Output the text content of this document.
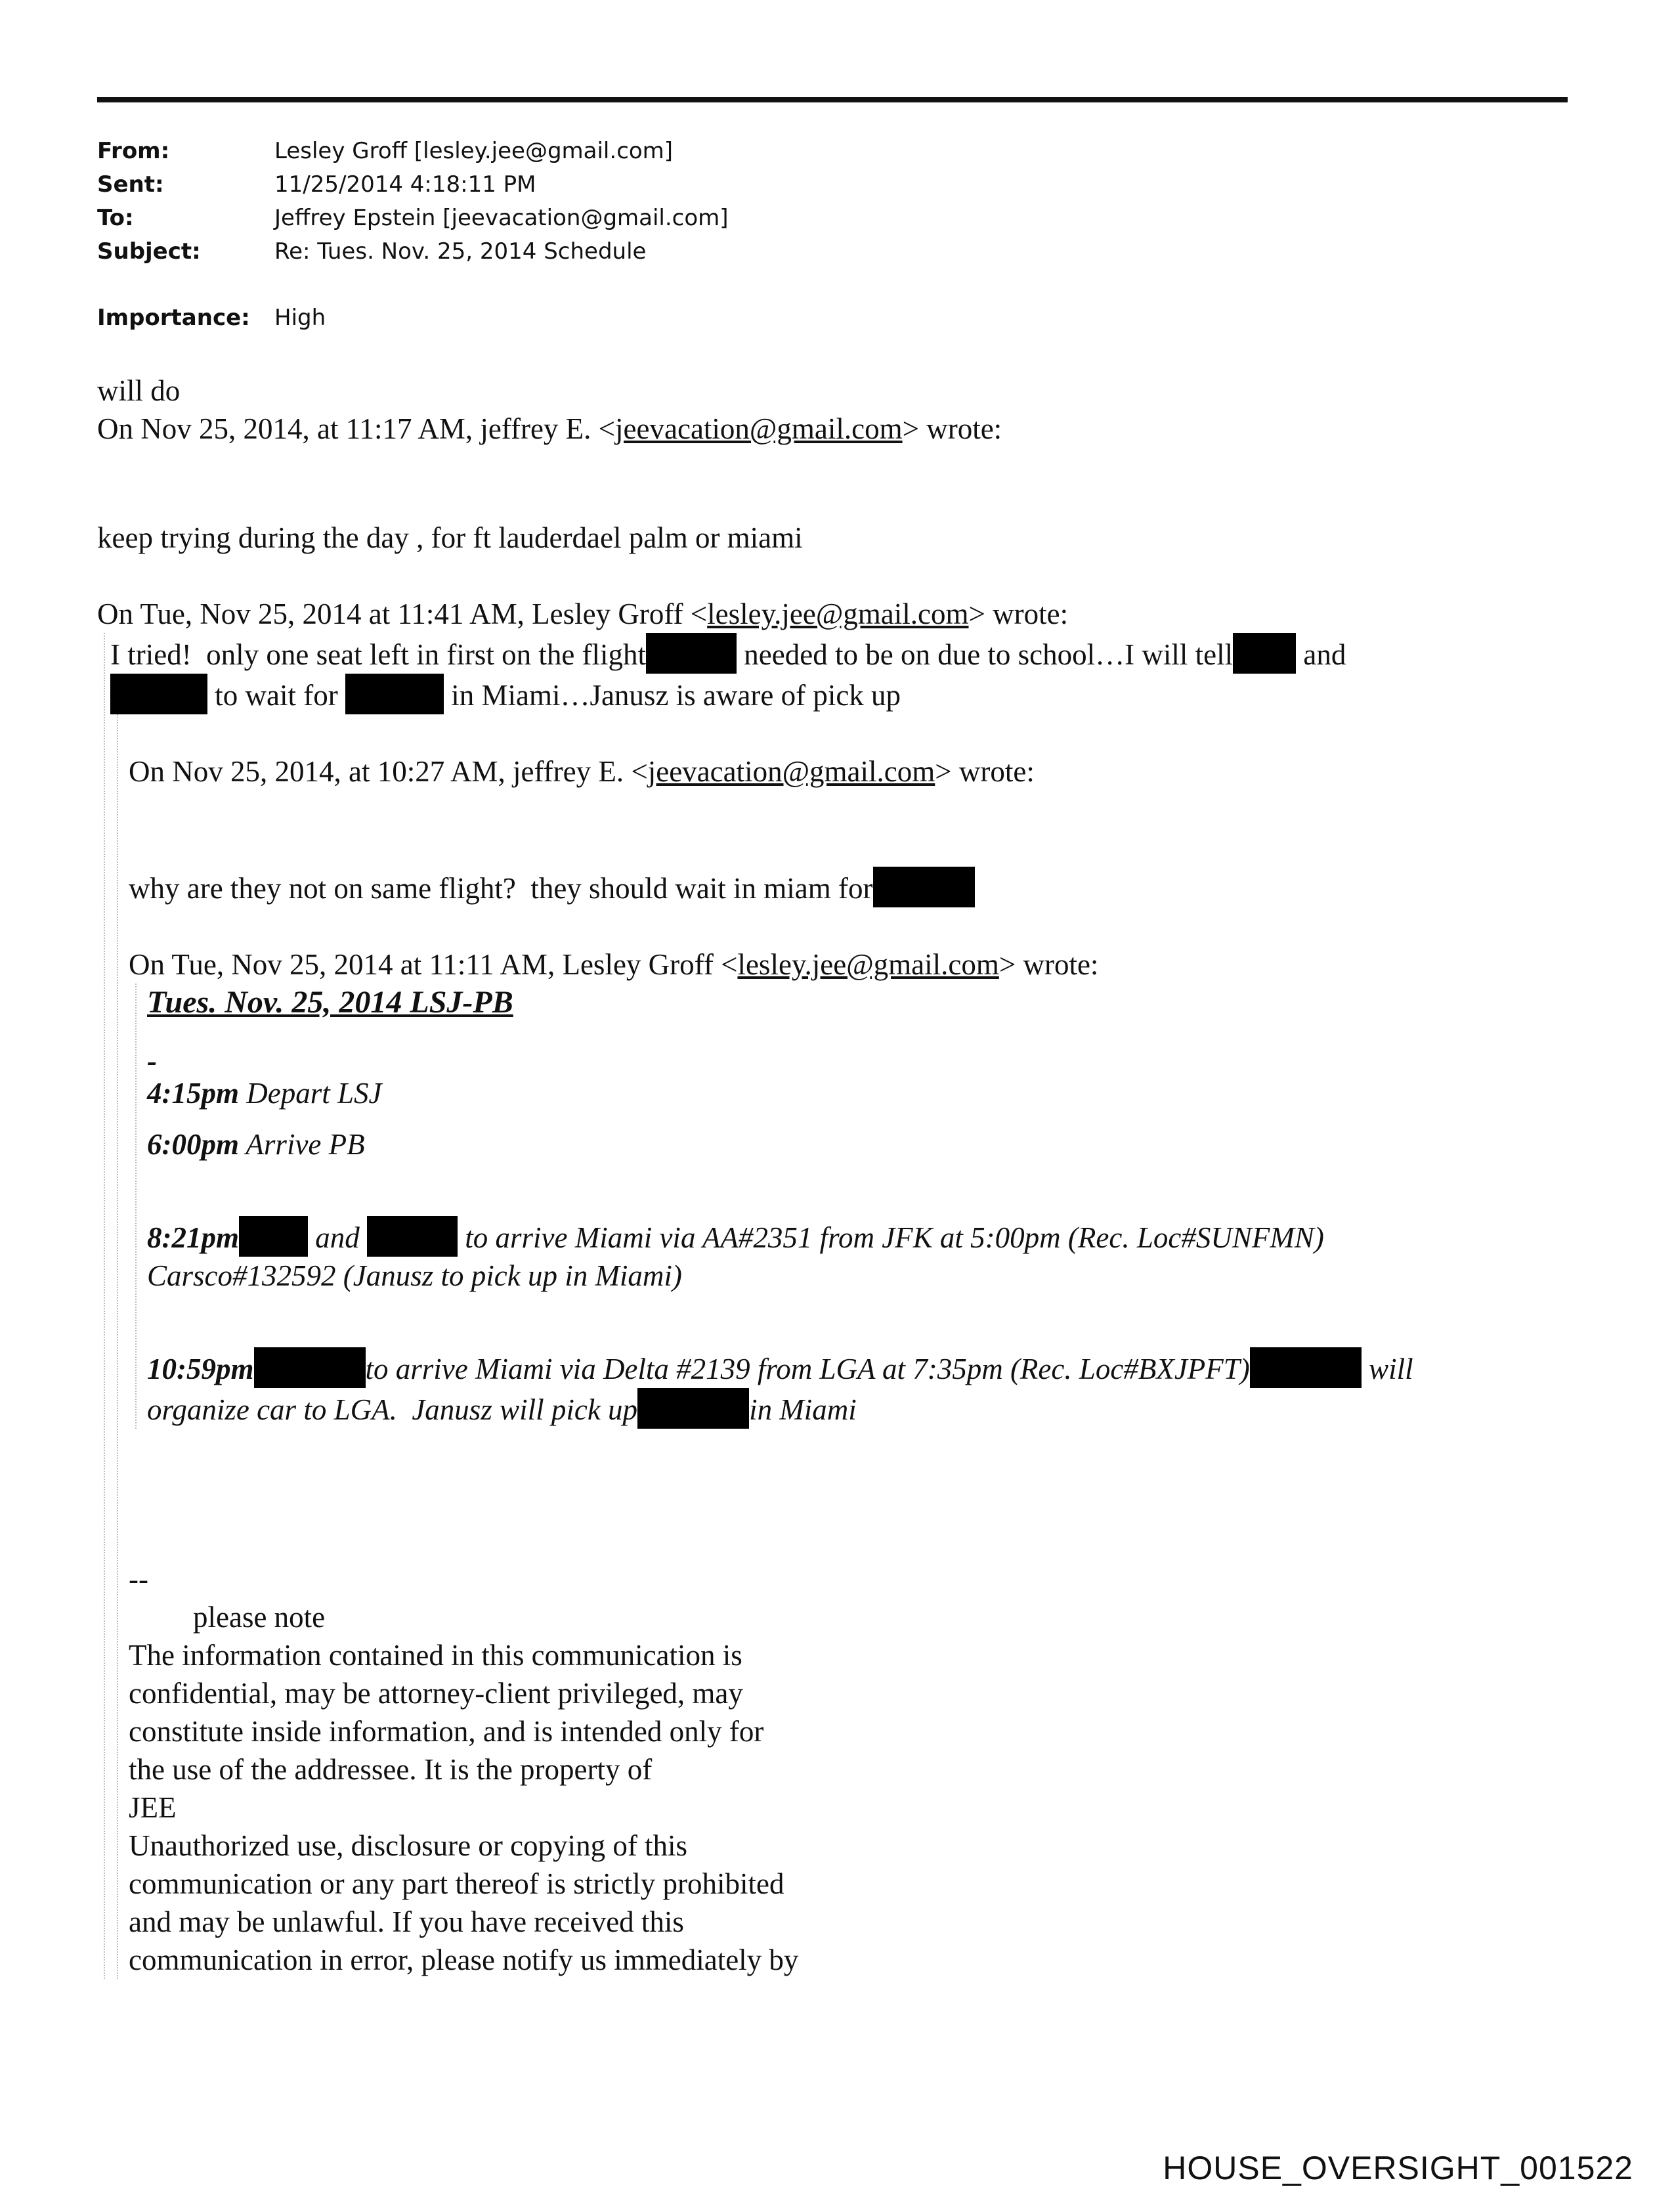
From:	Lesley Groff [lesley.jee@gmail.com]
Sent:	11/25/2014 4:18:11 PM
To:	Jeffrey Epstein [jeevacation@gmail.com]
Subject:	Re: Tues. Nov. 25, 2014 Schedule
Importance:	High

will do

On Nov 25, 2014, at 11:17 AM, jeffrey E. <jeevacation@gmail.com> wrote:

keep trying during the day , for ft lauderdael palm or miami

On Tue, Nov 25, 2014 at 11:41 AM, Lesley Groff <lesley.jee@gmail.com> wrote:

I tried!  only one seat left in first on the flight	needed to be on due to school…I will tell and

to wait for	in Miami…Janusz is aware of pick up

On Nov 25, 2014, at 10:27 AM, jeffrey E. <jeevacation@gmail.com> wrote:

why are they not on same flight?  they should wait in miam for

On Tue, Nov 25, 2014 at 11:11 AM, Lesley Groff <lesley.jee@gmail.com> wrote:

Tues. Nov. 25, 2014 LSJ-PB

-

4:15pm Depart LSJ

6:00pm Arrive PB

8:21pm and	to arrive Miami via AA#2351 from JFK at 5:00pm (Rec. Loc#SUNFMN)

Carsco#132592 (Janusz to pick up in Miami)

10:59pm	to arrive Miami via Delta #2139 from LGA at 7:35pm (Rec. Loc#BXJPFT)	will

organize car to LGA.  Janusz will pick up	in Miami

--

please note

The information contained in this communication is

confidential, may be attorney-client privileged, may

constitute inside information, and is intended only for

the use of the addressee. It is the property of

JEE

Unauthorized use, disclosure or copying of this

communication or any part thereof is strictly prohibited

and may be unlawful. If you have received this

communication in error, please notify us immediately by

HOUSE_OVERSIGHT_001522
